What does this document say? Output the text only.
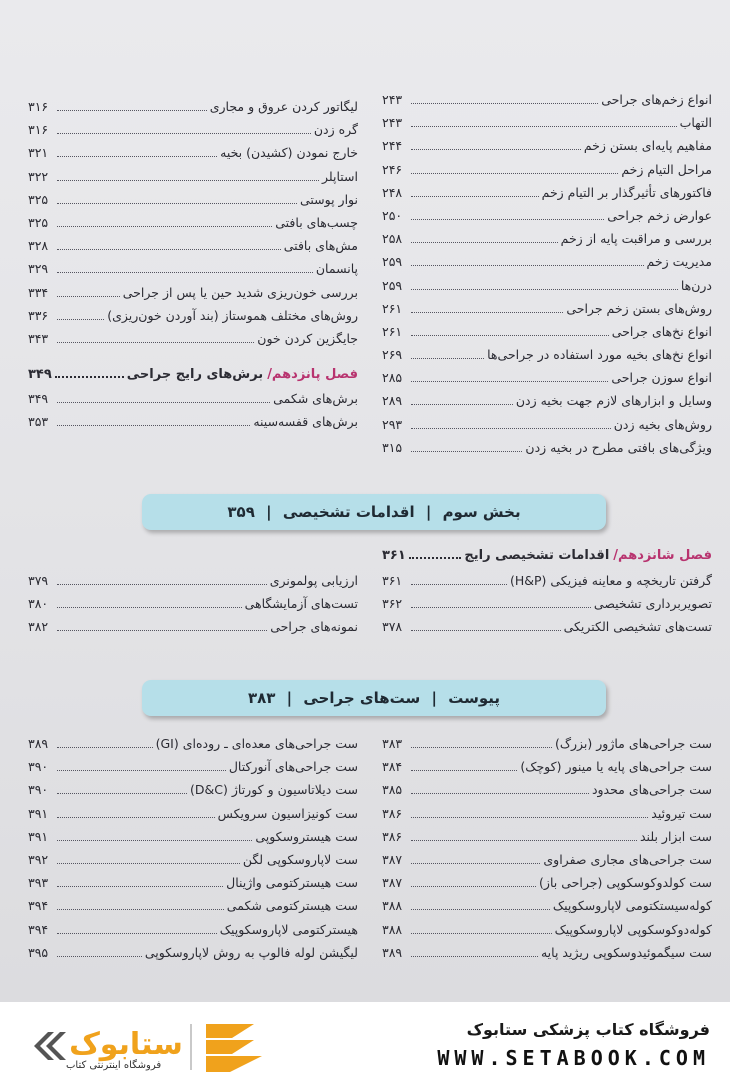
انواع زخم‌های جراحی
۲۴۳
التهاب
۲۴۳
مفاهیم پایه‌ای بستن زخم
۲۴۴
مراحل التیام زخم
۲۴۶
فاکتورهای تأثیرگذار بر التیام زخم
۲۴۸
عوارض زخم جراحی
۲۵۰
بررسی و مراقبت پایه از زخم
۲۵۸
مدیریت زخم
۲۵۹
درن‌ها
۲۵۹
روش‌های بستن زخم جراحی
۲۶۱
انواع نخ‌های جراحی
۲۶۱
انواع نخ‌های بخیه مورد استفاده در جراحی‌ها
۲۶۹
انواع سوزن جراحی
۲۸۵
وسایل و ابزارهای لازم جهت بخیه زدن
۲۸۹
روش‌های بخیه زدن
۲۹۳
ویژگی‌های بافتی مطرح در بخیه زدن
۳۱۵
لیگاتور کردن عروق و مجاری
۳۱۶
گره زدن
۳۱۶
خارج نمودن (کشیدن) بخیه
۳۲۱
استاپلر
۳۲۲
نوار پوستی
۳۲۵
چسب‌های بافتی
۳۲۵
مش‌های بافتی
۳۲۸
پانسمان
۳۲۹
بررسی خون‌ریزی شدید حین یا پس از جراحی
۳۳۴
روش‌های مختلف هموستاز (بند آوردن خون‌ریزی)
۳۳۶
جایگزین کردن خون
۳۴۳
فصل پانزدهم/
برش‌های رایج جراحی
۳۴۹
برش‌های شکمی
۳۴۹
برش‌های قفسه‌سینه
۳۵۳
بخش سوم | اقدامات تشخیصی | ۳۵۹
فصل شانزدهم/
اقدامات تشخیصی رایج
۳۶۱
گرفتن تاریخچه و معاینه فیزیکی (H&P)
۳۶۱
تصویربرداری تشخیصی
۳۶۲
تست‌های تشخیصی الکتریکی
۳۷۸
ارزیابی پولمونری
۳۷۹
تست‌های آزمایشگاهی
۳۸۰
نمونه‌های جراحی
۳۸۲
پیوست | ست‌های جراحی | ۳۸۳
ست جراحی‌های ماژور (بزرگ)
۳۸۳
ست جراحی‌های پایه یا مینور (کوچک)
۳۸۴
ست جراحی‌های محدود
۳۸۵
ست تیروئید
۳۸۶
ست ابزار بلند
۳۸۶
ست جراحی‌های مجاری صفراوی
۳۸۷
ست کولدوکوسکوپی (جراحی باز)
۳۸۷
کوله‌سیستکتومی لاپاروسکوپیک
۳۸۸
کوله‌دوکوسکوپی لاپاروسکوپیک
۳۸۸
ست سیگموئیدوسکوپی ریژید پایه
۳۸۹
ست جراحی‌های معده‌ای ـ روده‌ای (GI)
۳۸۹
ست جراحی‌های آنورکتال
۳۹۰
ست دیلاتاسیون و کورتاژ (D&C)
۳۹۰
ست کونیزاسیون سرویکس
۳۹۱
ست هیستروسکوپی
۳۹۱
ست لاپاروسکوپی لگن
۳۹۲
ست هیسترکتومی واژینال
۳۹۳
ست هیسترکتومی شکمی
۳۹۴
هیسترکتومی لاپاروسکوپیک
۳۹۴
لیگیشن لوله فالوپ به روش لاپاروسکوپی
۳۹۵
ستابوک
فروشگاه اینترنتی کتاب
فروشگاه کتاب پزشکی ستابوک
WWW.SETABOOK.COM
